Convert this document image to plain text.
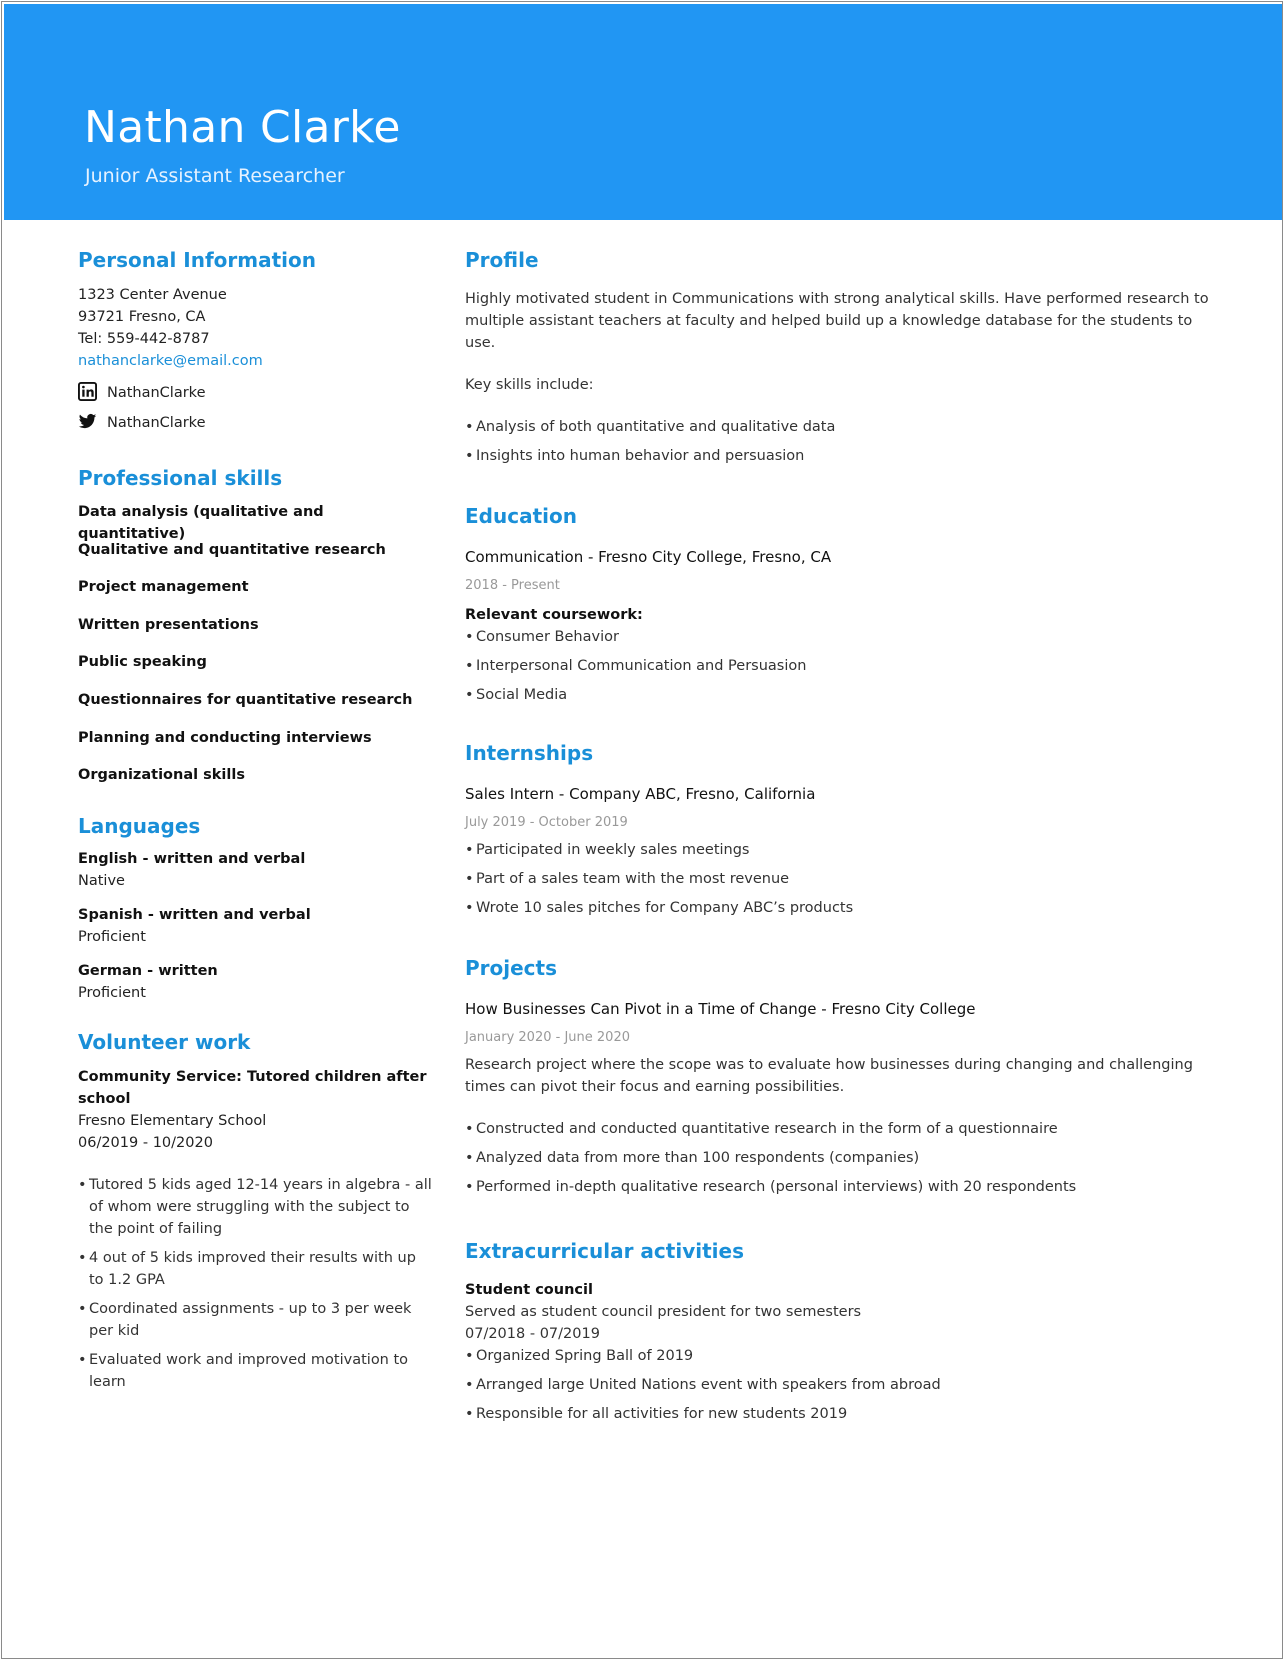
Nathan Clarke
Junior Assistant Researcher
Personal Information
1323 Center Avenue
93721 Fresno, CA
Tel: 559-442-8787
nathanclarke@email.com
NathanClarke
NathanClarke
Professional skills
Data analysis (qualitative and quantitative)
Qualitative and quantitative research
Project management
Written presentations
Public speaking
Questionnaires for quantitative research
Planning and conducting interviews
Organizational skills
Languages
English - written and verbal
Native
Spanish - written and verbal
Proficient
German - written
Proficient
Volunteer work
Community Service: Tutored children after school
Fresno Elementary School
06/2019 - 10/2020
• Tutored 5 kids aged 12-14 years in algebra - all of whom were struggling with the subject to the point of failing
• 4 out of 5 kids improved their results with up to 1.2 GPA
• Coordinated assignments - up to 3 per week per kid
• Evaluated work and improved motivation to learn
Profile
Highly motivated student in Communications with strong analytical skills. Have performed research to multiple assistant teachers at faculty and helped build up a knowledge database for the students to use.
Key skills include:
• Analysis of both quantitative and qualitative data
• Insights into human behavior and persuasion
Education
Communication - Fresno City College, Fresno, CA
2018 - Present
Relevant coursework:
• Consumer Behavior
• Interpersonal Communication and Persuasion
• Social Media
Internships
Sales Intern - Company ABC, Fresno, California
July 2019 - October 2019
• Participated in weekly sales meetings
• Part of a sales team with the most revenue
• Wrote 10 sales pitches for Company ABC’s products
Projects
How Businesses Can Pivot in a Time of Change - Fresno City College
January 2020 - June 2020
Research project where the scope was to evaluate how businesses during changing and challenging times can pivot their focus and earning possibilities.
• Constructed and conducted quantitative research in the form of a questionnaire
• Analyzed data from more than 100 respondents (companies)
• Performed in-depth qualitative research (personal interviews) with 20 respondents
Extracurricular activities
Student council
Served as student council president for two semesters
07/2018 - 07/2019
• Organized Spring Ball of 2019
• Arranged large United Nations event with speakers from abroad
• Responsible for all activities for new students 2019
